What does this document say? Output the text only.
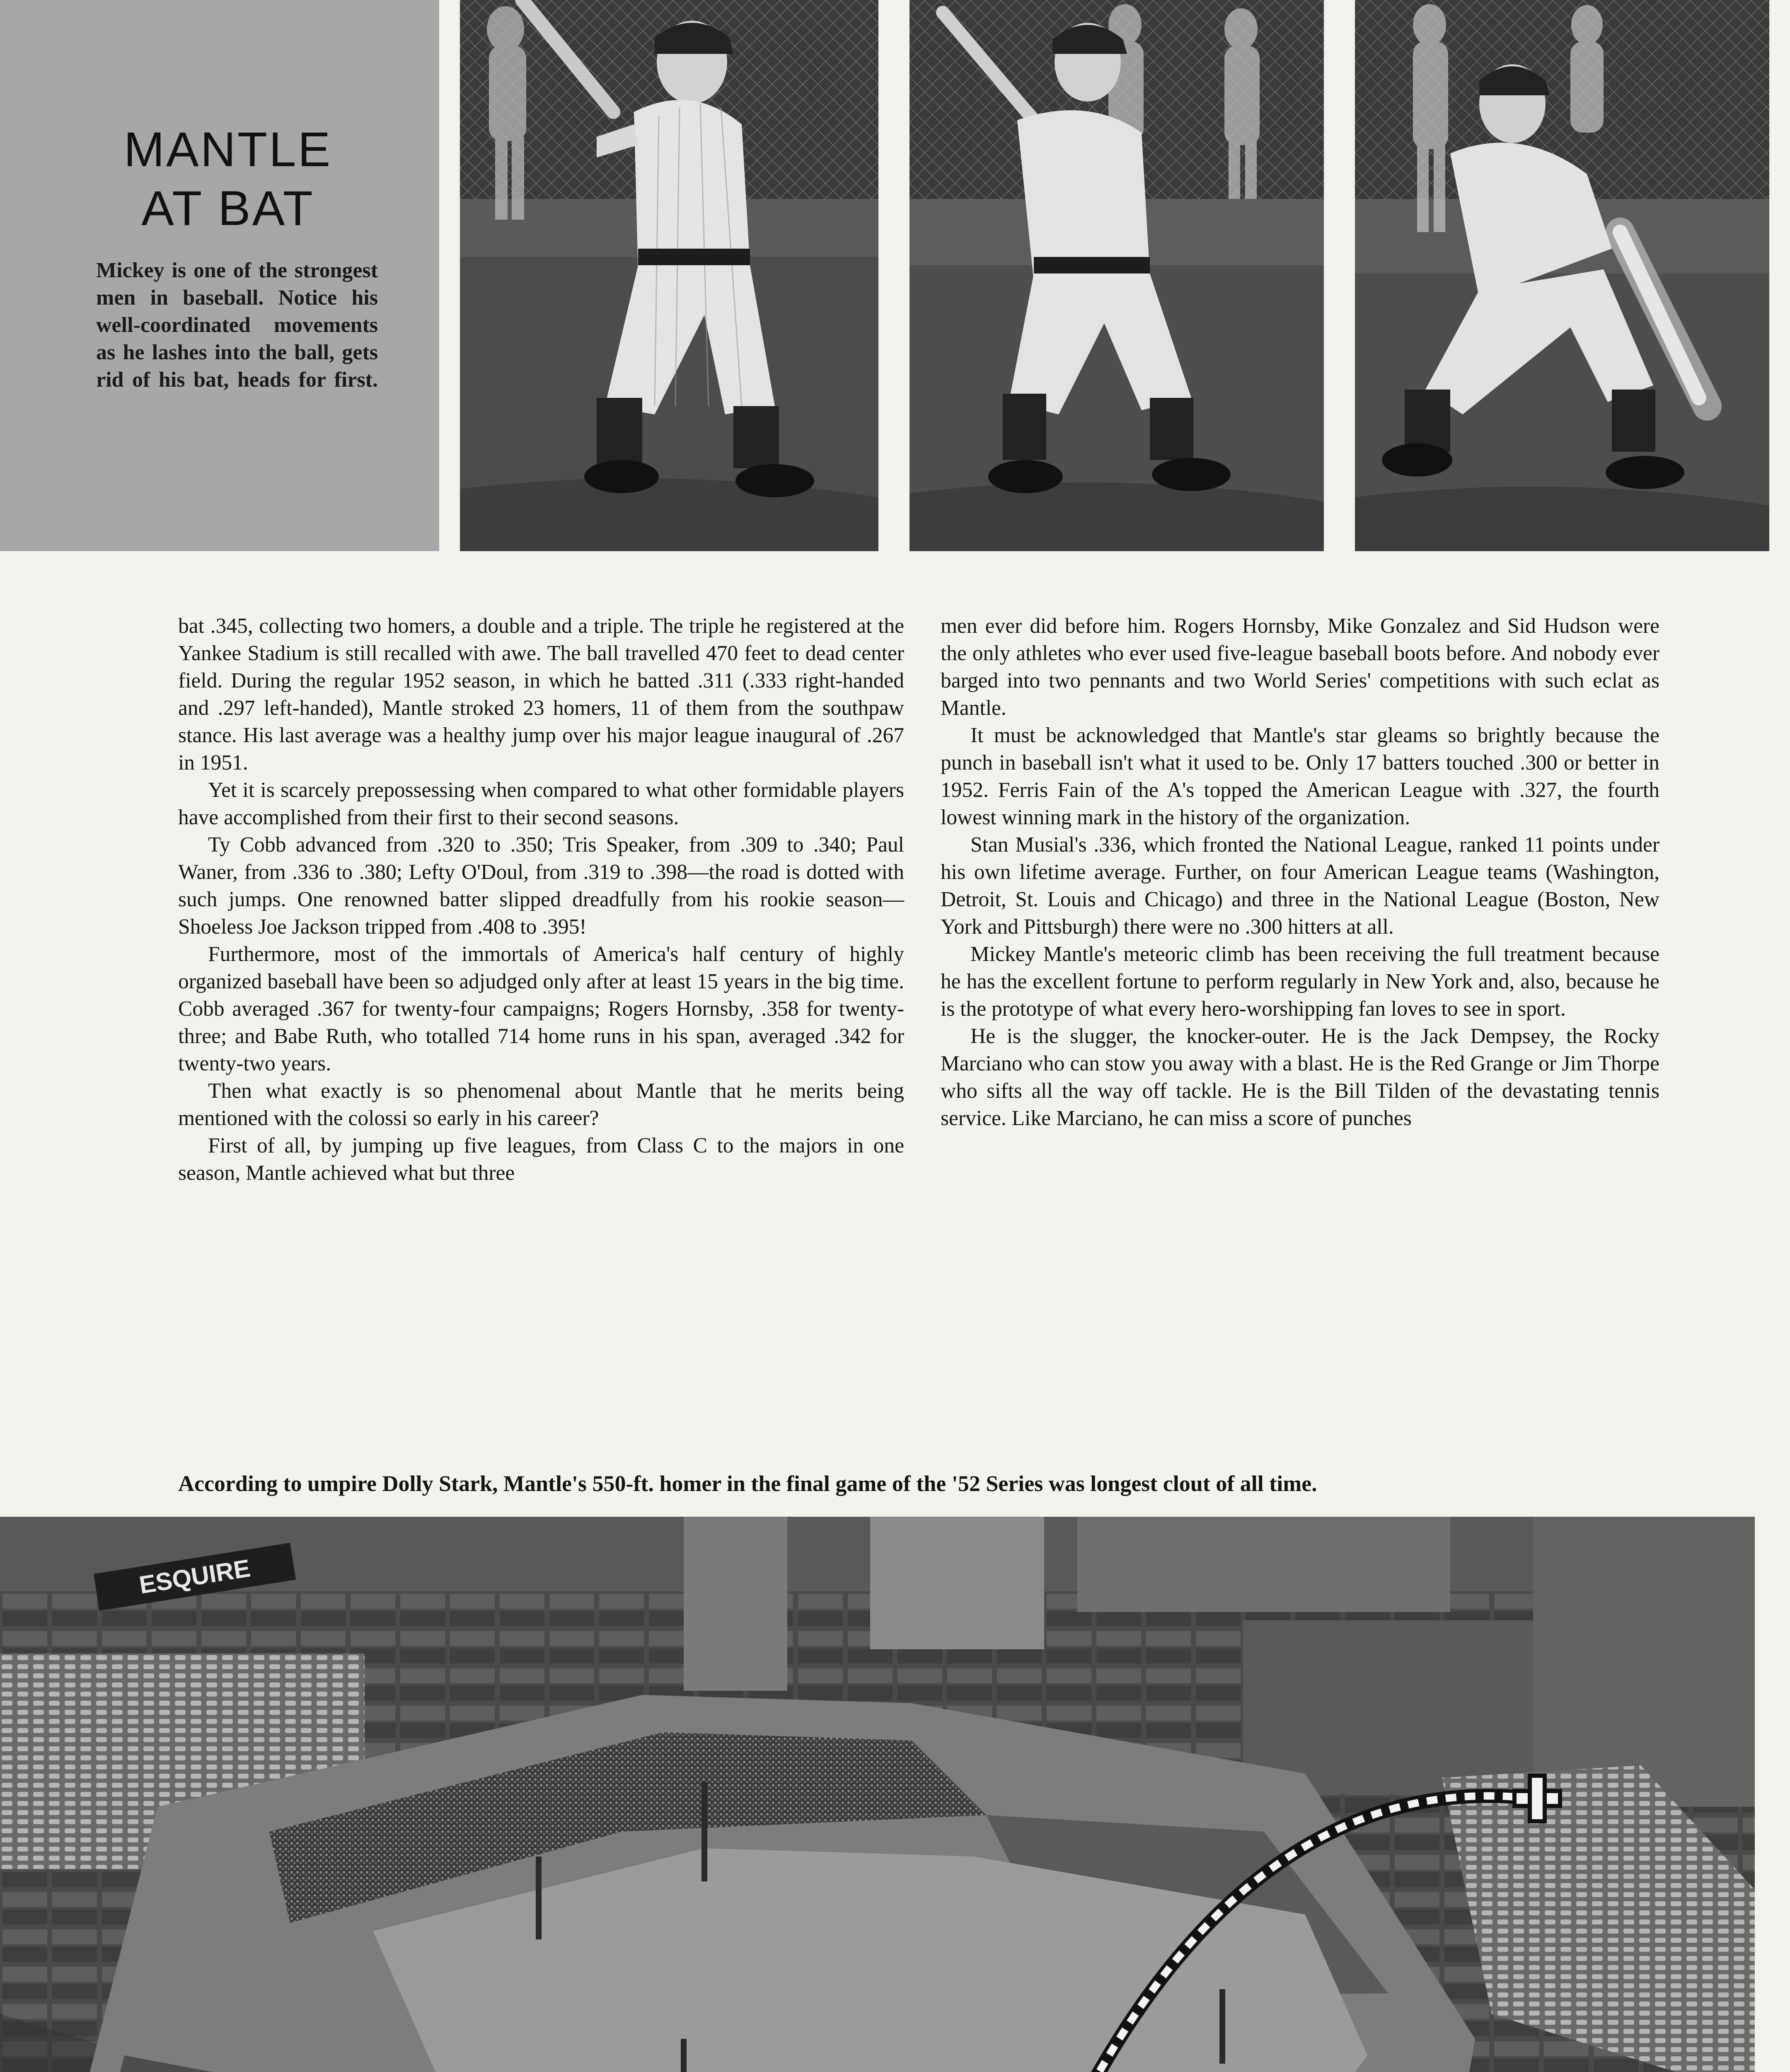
MANTLE
AT BAT

Mickey is one of the strongest men in baseball. Notice his well-coordinated movements as he lashes into the ball, gets rid of his bat, heads for first.

bat .345, collecting two homers, a double and a triple. The triple he registered at the Yankee Stadium is still recalled with awe. The ball travelled 470 feet to dead center field. During the regular 1952 season, in which he batted .311 (.333 right-handed and .297 left-handed), Mantle stroked 23 homers, 11 of them from the southpaw stance. His last average was a healthy jump over his major league inaugural of .267 in 1951.

Yet it is scarcely prepossessing when compared to what other formidable players have accomplished from their first to their second seasons.

Ty Cobb advanced from .320 to .350; Tris Speaker, from .309 to .340; Paul Waner, from .336 to .380; Lefty O'Doul, from .319 to .398—the road is dotted with such jumps. One renowned batter slipped dreadfully from his rookie season—Shoeless Joe Jackson tripped from .408 to .395!

Furthermore, most of the immortals of America's half century of highly organized baseball have been so adjudged only after at least 15 years in the big time. Cobb averaged .367 for twenty-four campaigns; Rogers Hornsby, .358 for twenty-three; and Babe Ruth, who totalled 714 home runs in his span, averaged .342 for twenty-two years.

Then what exactly is so phenomenal about Mantle that he merits being mentioned with the colossi so early in his career?

First of all, by jumping up five leagues, from Class C to the majors in one season, Mantle achieved what but three

men ever did before him. Rogers Hornsby, Mike Gonzalez and Sid Hudson were the only athletes who ever used five-league baseball boots before. And nobody ever barged into two pennants and two World Series' competitions with such eclat as Mantle.

It must be acknowledged that Mantle's star gleams so brightly because the punch in baseball isn't what it used to be. Only 17 batters touched .300 or better in 1952. Ferris Fain of the A's topped the American League with .327, the fourth lowest winning mark in the history of the organization.

Stan Musial's .336, which fronted the National League, ranked 11 points under his own lifetime average. Further, on four American League teams (Washington, Detroit, St. Louis and Chicago) and three in the National League (Boston, New York and Pittsburgh) there were no .300 hitters at all.

Mickey Mantle's meteoric climb has been receiving the full treatment because he has the excellent fortune to perform regularly in New York and, also, because he is the prototype of what every hero-worshipping fan loves to see in sport.

He is the slugger, the knocker-outer. He is the Jack Dempsey, the Rocky Marciano who can stow you away with a blast. He is the Red Grange or Jim Thorpe who sifts all the way off tackle. He is the Bill Tilden of the devastating tennis service. Like Marciano, he can miss a score of punches

According to umpire Dolly Stark, Mantle's 550-ft. homer in the final game of the '52 Series was longest clout of all time.

ESQUIRE
